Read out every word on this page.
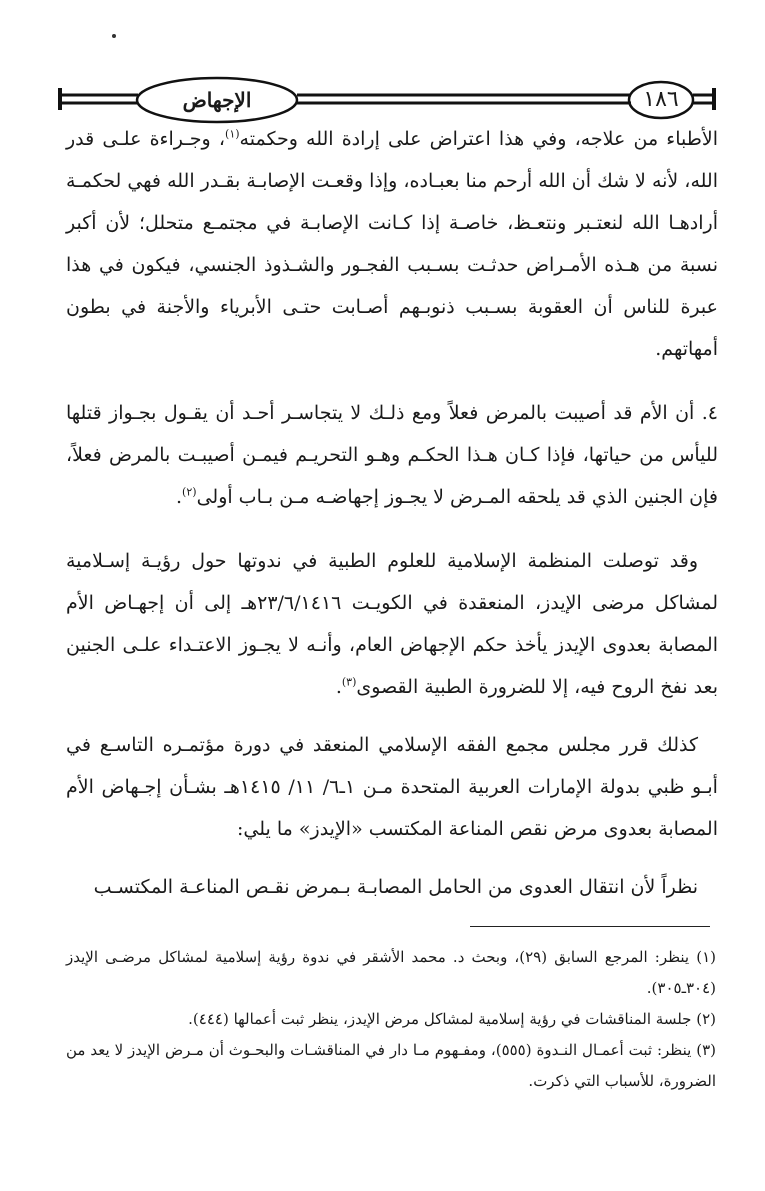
الإجهاض	١٨٦

الأطباء من علاجه، وفي هذا اعتراض على إرادة الله وحكمته$^{(١)}$، وجـراءة علـى قدر الله، لأنه لا شك أن الله أرحم منا بعبـاده، وإذا وقعـت الإصابـة بقـدر الله فهي لحكمـة أرادهـا الله لنعتـبر ونتعـظ، خاصـة إذا كـانت الإصابـة في مجتمـع متحلل؛ لأن أكبر نسبة من هـذه الأمـراض حدثـت بسـبب الفجـور والشـذوذ الجنسي، فيكون في هذا عبرة للناس أن العقوبة بسـبب ذنوبـهم أصـابت حتـى الأبرياء والأجنة في بطون أمهاتهم.

٤. أن الأم قد أصيبت بالمرض فعلاً ومع ذلـك لا يتجاسـر أحـد أن يقـول بجـواز قتلها لليأس من حياتها، فإذا كـان هـذا الحكـم وهـو التحريـم فيمـن أصيبـت بالمرض فعلاً، فإن الجنين الذي قد يلحقه المـرض لا يجـوز إجهاضـه مـن بـاب أولى$^{(٢)}$.

وقد توصلت المنظمة الإسلامية للعلوم الطبية في ندوتها حول رؤيـة إسـلامية لمشاكل مرضى الإيدز، المنعقدة في الكويـت ٢٣/٦/١٤١٦هـ إلى أن إجهـاض الأم المصابة بعدوى الإيدز يأخذ حكم الإجهاض العام، وأنـه لا يجـوز الاعتـداء علـى الجنين بعد نفخ الروح فيه، إلا للضرورة الطبية القصوى$^{(٣)}$.

كذلك قرر مجلس مجمع الفقه الإسلامي المنعقد في دورة مؤتمـره التاسـع في أبـو ظبي بدولة الإمارات العربية المتحدة مـن ١ـ٦/ ١١/ ١٤١٥هـ بشـأن إجـهاض الأم المصابة بعدوى مرض نقص المناعة المكتسب «الإيدز» ما يلي:

نظراً لأن انتقال العدوى من الحامل المصابـة بـمرض نقـص المناعـة المكتسـب

(١) ينظر: المرجع السابق (٢٩)، وبحث د. محمد الأشقر في ندوة رؤية إسلامية لمشاكل مرضـى الإيدز (٣٠٤ـ٣٠٥).

(٢) جلسة المناقشات في رؤية إسلامية لمشاكل مرض الإيدز، ينظر ثبت أعمالها (٤٤٤).

(٣) ينظر: ثبت أعمـال النـدوة (٥٥٥)، ومفـهوم مـا دار في المناقشـات والبحـوث أن مـرض الإيدز لا يعد من الضرورة، للأسباب التي ذكرت.
